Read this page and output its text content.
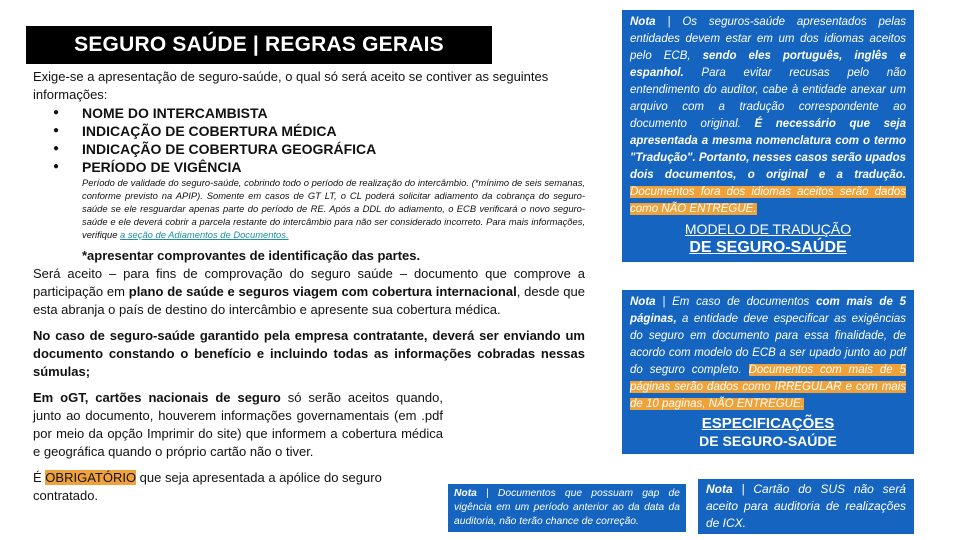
SEGURO SAÚDE | REGRAS GERAIS

Exige-se a apresentação de seguro-saúde, o qual só será aceito se contiver as seguintes informações:

● NOME DO INTERCAMBISTA
● INDICAÇÃO DE COBERTURA MÉDICA
● INDICAÇÃO DE COBERTURA GEOGRÁFICA
● PERÍODO DE VIGÊNCIA

Período de validade do seguro-saúde, cobrindo todo o período de realização do intercâmbio. (*mínimo de seis semanas, conforme previsto na APIP). Somente em casos de GT LT, o CL poderá solicitar adiamento da cobrança do seguro-saúde se ele resguardar apenas parte do período de RE. Após a DDL do adiamento, o ECB verificará o novo seguro-saúde e ele deverá cobrir a parcela restante do intercâmbio para não ser considerado incorreto. Para mais informações, verifique a seção de Adiamentos de Documentos.

*apresentar comprovantes de identificação das partes.

Será aceito – para fins de comprovação do seguro saúde – documento que comprove a participação em plano de saúde e seguros viagem com cobertura internacional, desde que esta abranja o país de destino do intercâmbio e apresente sua cobertura médica.

No caso de seguro-saúde garantido pela empresa contratante, deverá ser enviando um documento constando o benefício e incluindo todas as informações cobradas nessas súmulas;

Em oGT, cartões nacionais de seguro só serão aceitos quando, junto ao documento, houverem informações governamentais (em .pdf por meio da opção Imprimir do site) que informem a cobertura médica e geográfica quando o próprio cartão não o tiver.

É OBRIGATÓRIO que seja apresentada a apólice do seguro contratado.

Nota | Os seguros-saúde apresentados pelas entidades devem estar em um dos idiomas aceitos pelo ECB, sendo eles português, inglês e espanhol. Para evitar recusas pelo não entendimento do auditor, cabe à entidade anexar um arquivo com a tradução correspondente ao documento original. É necessário que seja apresentada a mesma nomenclatura com o termo "Tradução". Portanto, nesses casos serão upados dois documentos, o original e a tradução. Documentos fora dos idiomas aceitos serão dados como NÃO ENTREGUE.
MODELO DE TRADUÇÃO
DE SEGURO-SAÚDE
Nota | Em caso de documentos com mais de 5 páginas, a entidade deve especificar as exigências do seguro em documento para essa finalidade, de acordo com modelo do ECB a ser upado junto ao pdf do seguro completo. Documentos com mais de 5 páginas serão dados como IRREGULAR e com mais de 10 paginas, NÃO ENTREGUE.
ESPECIFICAÇÕES
DE SEGURO-SAÚDE
Nota | Documentos que possuam gap de vigência em um período anterior ao da data da auditoria, não terão chance de correção.
Nota | Cartão do SUS não será aceito para auditoria de realizações de ICX.
